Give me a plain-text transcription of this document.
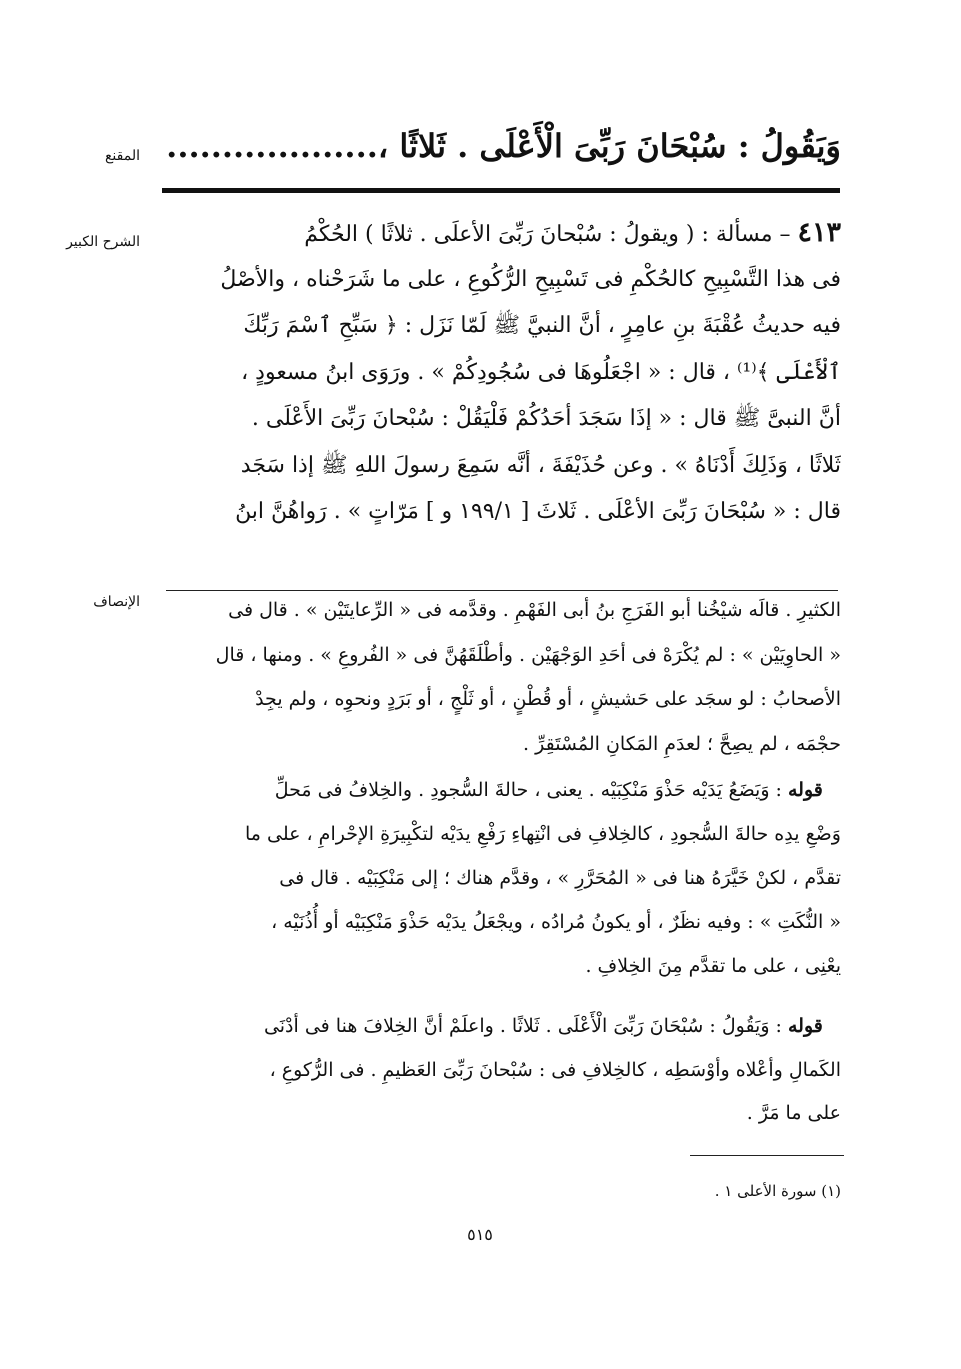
المقنع
الشرح الكبير
الإنصاف
وَيَقُولُ : سُبْحَانَ رَبِّىَ الْأَعْلَى . ثَلاثًا ،...................
٤١٣ – مسألة : ( ويقولُ : سُبْحانَ رَبِّىَ الأعلَى . ثلاثًا ) الحُكْمُ
فى هذا التَّسْبِيحِ كالحُكْمِ فى تَسْبِيحِ الرُّكُوعِ ، على ما شَرَحْناه ، والأصْلُ
فيه حديثُ عُقْبَةَ بنِ عامِرٍ ، أنَّ النبيَّ ﷺ لَمّا نَزَل : ﴿ سَبِّحِ ٱسْمَ رَبِّكَ
ٱلْأَعْلَى ﴾⁽¹⁾ ، قال : « اجْعَلُوهَا فى سُجُودِكُمْ » . ورَوَى ابنُ مسعودٍ ،
أنَّ النبىَّ ﷺ قال : « إذَا سَجَدَ أحَدُكُمْ فَلْيَقُلْ : سُبْحانَ رَبِّىَ الأَعْلَى .
ثَلاثًا ، وَذَلِكَ أَدْنَاهُ » . وعن حُذَيْفَةَ ، أنَّه سَمِعَ رسولَ اللهِ ﷺ إذا سَجَد
قال : « سُبْحَانَ رَبِّىَ الأعْلَى . ثَلاثَ [ ١٩٩/١ و ] مَرّاتٍ » . رَواهُنَّ ابنُ
الكثيرِ . قالَه شيْخُنا أبو الفَرَجِ بنُ أبى الفَهْمِ . وقدَّمه فى « الرِّعايتَيْن » . قال فى
« الحاوِيَيْن » : لم يُكْرَهْ فى أحَدِ الوَجْهَيْن . وأطْلَقَهُنَّ فى « الفُروعِ » . ومنها ، قال
الأصحابُ : لو سجَد على حَشيشٍ ، أو قُطْنٍ ، أو ثَلْجٍ ، أو بَرَدٍ ونحوِه ، ولم يجِدْ
حجْمَه ، لم يصِحَّ ؛ لعدَمِ المَكانِ المُسْتَقِرِّ .
قوله : وَيَضَعُ يَدَيْه حَذْوَ مَنْكِبَيْه . يعنى ، حالةَ السُّجودِ . والخِلافُ فى مَحلِّ
وَضْعِ يدِه حالةَ السُّجودِ ، كالخِلافِ فى انْتِهاءِ رَفْعِ يدَيْه لتكْبِيرَةِ الإحْرامِ ، على ما
تقدَّم ، لكنْ خَيَّرَهُ هنا فى « المُحَرَّرِ » ، وقدَّم هناك ؛ إلى مَنْكِبَيْه . قال فى
« النُّكَتِ » : وفيه نظَرٌ ، أو يكونُ مُرادُه ، ويجْعَلُ يدَيْه حَذْوَ مَنْكِبَيْه أو أُذُنَيْه ،
يعْنِى ، على ما تقدَّم مِنَ الخِلافِ .
قوله : وَيَقُولُ : سُبْحَانَ رَبِّىَ الْأَعْلَى . ثَلاثًا . واعلَمْ أنَّ الخِلافَ هنا فى أدْنَى
الكَمالِ وأعْلاه وأوْسَطِه ، كالخِلافِ فى : سُبْحانَ رَبِّىَ العَظيمِ . فى الرُّكوعِ ،
على ما مَرَّ .
(١) سورة الأعلى ١ .
٥١٥
